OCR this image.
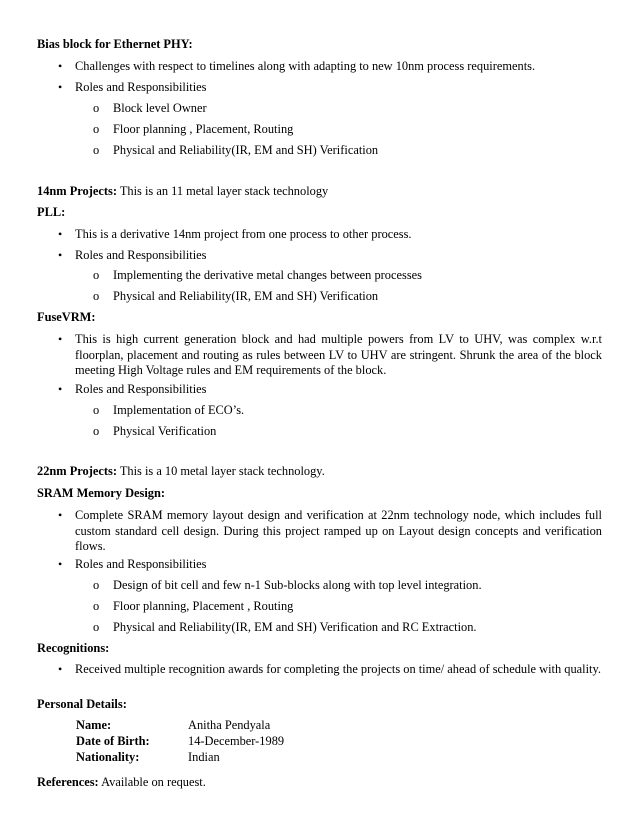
Bias block for Ethernet PHY:
• Challenges with respect to timelines along with adapting to new 10nm process requirements.
• Roles and Responsibilities
o Block level Owner
o Floor planning , Placement, Routing
o Physical and Reliability(IR, EM and SH) Verification
14nm Projects: This is an 11 metal layer stack technology
PLL:
• This is a derivative 14nm project from one process to other process.
• Roles and Responsibilities
o Implementing the derivative metal changes between processes
o Physical and Reliability(IR, EM and SH) Verification
FuseVRM:
• This is high current generation block and had multiple powers from LV to UHV, was complex w.r.t floorplan, placement and routing as rules between LV to UHV are stringent. Shrunk the area of the block meeting High Voltage rules and EM requirements of the block.
• Roles and Responsibilities
o Implementation of ECO’s.
o Physical Verification
22nm Projects: This is a 10 metal layer stack technology.
SRAM Memory Design:
• Complete SRAM memory layout design and verification at 22nm technology node, which includes full custom standard cell design. During this project ramped up on Layout design concepts and verification flows.
• Roles and Responsibilities
o Design of bit cell and few n-1 Sub-blocks along with top level integration.
o Floor planning, Placement , Routing
o Physical and Reliability(IR, EM and SH) Verification and RC Extraction.
Recognitions:
• Received multiple recognition awards for completing the projects on time/ ahead of schedule with quality.
Personal Details:
Name:	Anitha Pendyala
Date of Birth:	14-December-1989
Nationality:	Indian
References: Available on request.
